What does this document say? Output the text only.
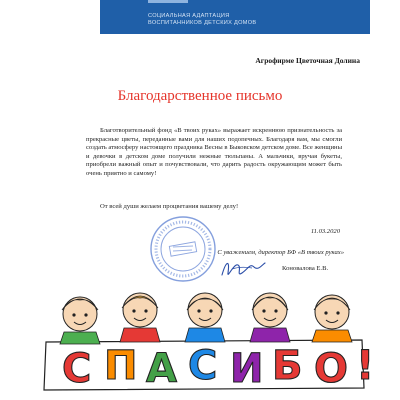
СОЦИАЛЬНАЯ АДАПТАЦИЯ
ВОСПИТАННИКОВ ДЕТСКИХ ДОМОВ
Агрофирме Цветочная Долина
Благодарственное письмо

Благотворительный фонд «В твоих руках» выражает искреннюю признательность за прекрасные цветы, переданные вами для наших подопечных. Благодаря вам, мы смогли создать атмосферу настоящего праздника Весны в Быковском детском доме. Все женщины и девочки в детском доме получили нежные тюльпаны. А мальчики, вручая букеты, приобрели важный опыт и почувствовали, что дарить радость окружающим может быть очень приятно и самому!

От всей души желаем процветания вашему делу!
11.03.2020
С уважением, директор БФ «В твоих руках»
Коновалова Е.В.
С П А С И Б О !
